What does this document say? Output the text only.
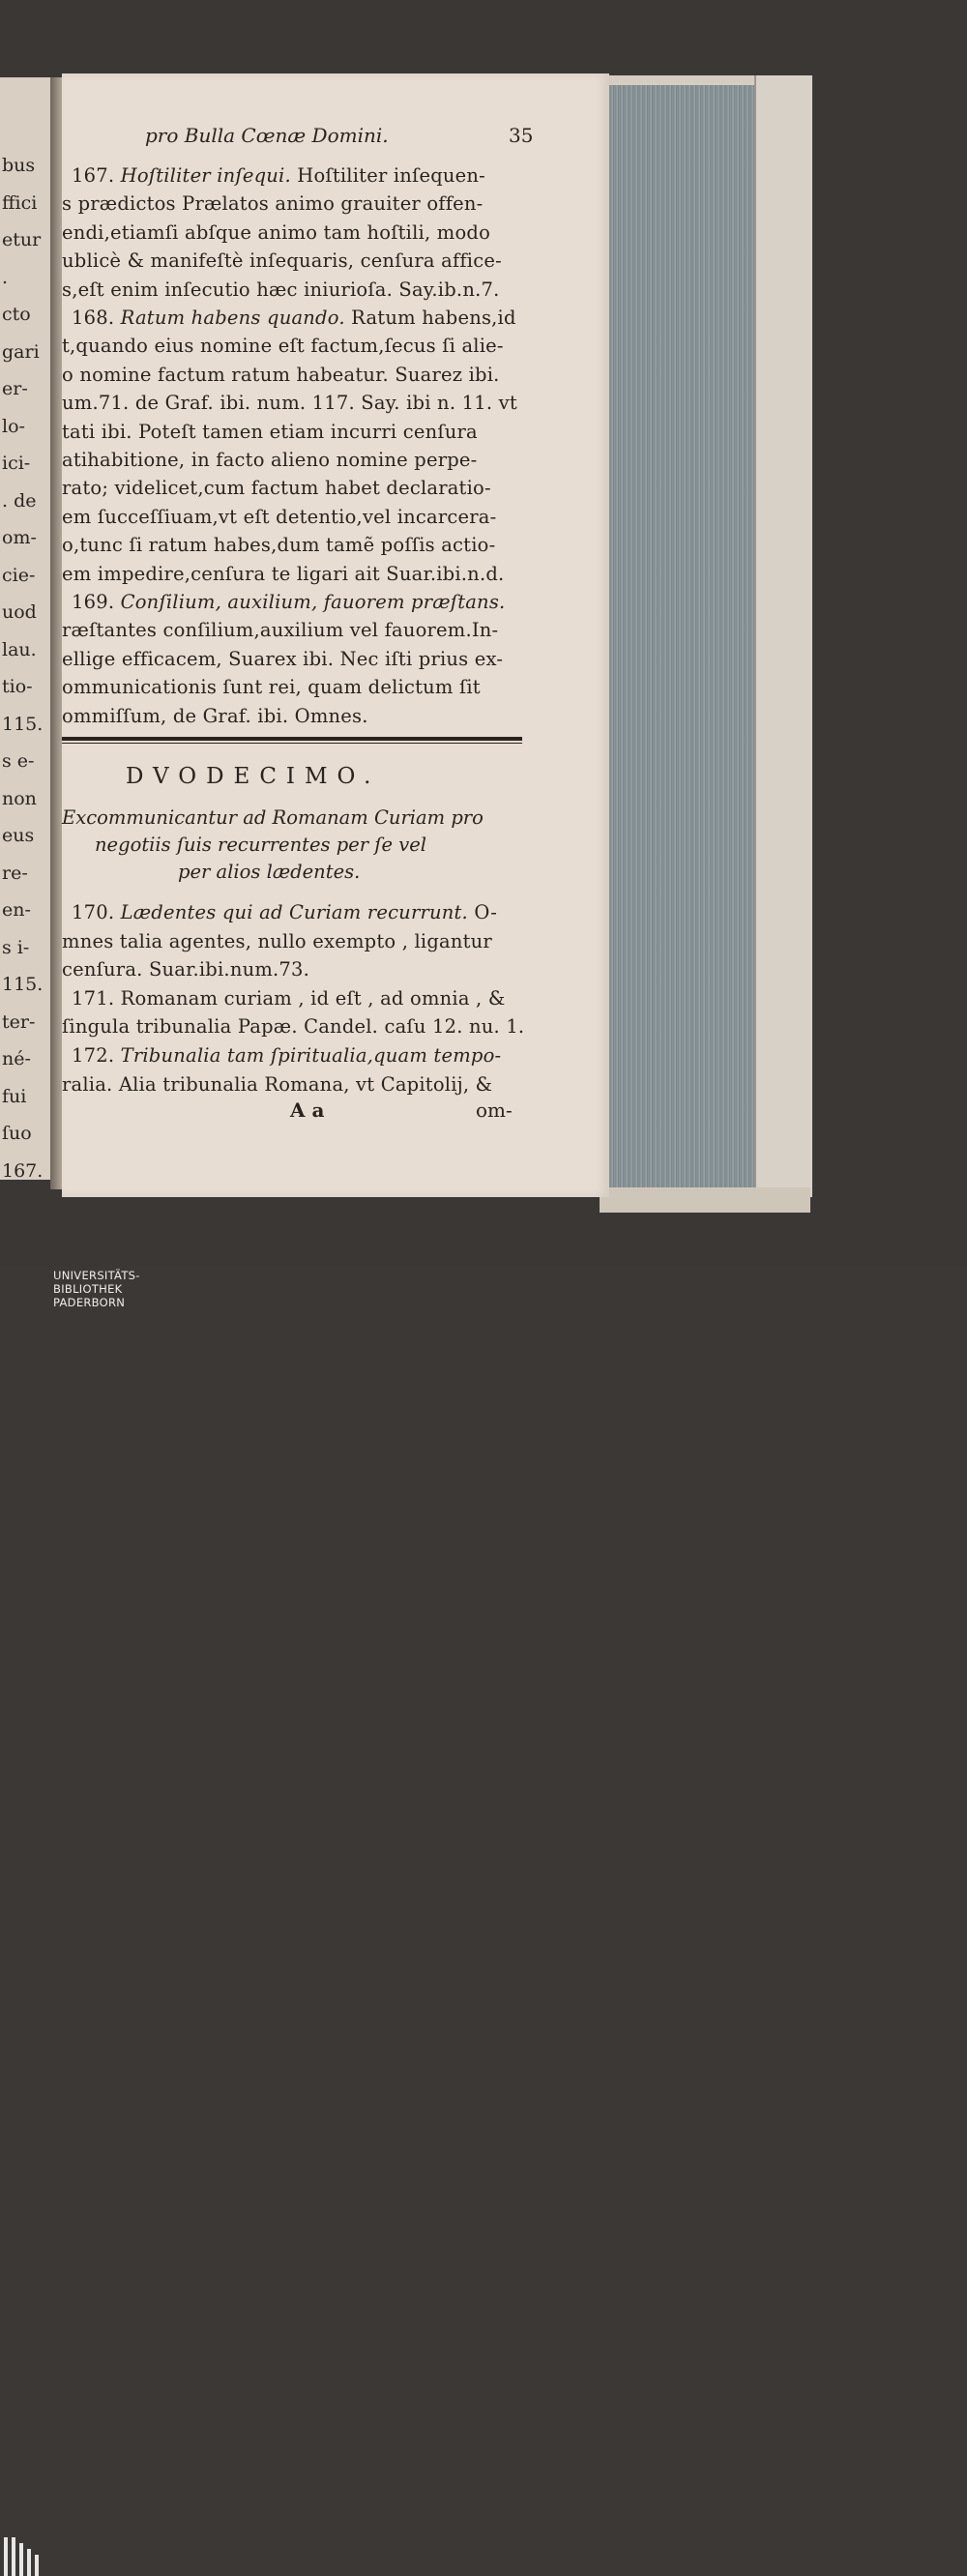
bus
ffici
etur
.
cto
gari
er-
lo-
ici-
. de
om-
cie-
uod
lau.
tio-
115.
s e-
non
eus
re-
en-
s i-
115.
ter-
né-
fui
ſuo
167.
pro Bulla Cœnæ Domini.	35
167. Hoſtiliter inſequi. Hoſtiliter inſequen-
s prædictos Prælatos animo grauiter offen-
endi,etiamſi abſque animo tam hoſtili, modo
ublicè & manifeſtè inſequaris, cenſura affice-
s,eſt enim inſecutio hæc iniurioſa. Say.ib.n.7.
168. Ratum habens quando. Ratum habens,id
t,quando eius nomine eſt factum,ſecus ſi alie-
o nomine factum ratum habeatur. Suarez ibi.
um.71. de Graf. ibi. num. 117. Say. ibi n. 11. vt
tati ibi. Poteſt tamen etiam incurri cenſura
atihabitione, in facto alieno nomine perpe-
rato; videlicet,cum factum habet declaratio-
em ſucceſſiuam,vt eſt detentio,vel incarcera-
o,tunc ſi ratum habes,dum tamẽ poſſis actio-
em impedire,cenſura te ligari ait Suar.ibi.n.d.
169. Conſilium, auxilium, fauorem præſtans.
ræſtantes conſilium,auxilium vel fauorem.In-
ellige efficacem, Suarex ibi. Nec iſti prius ex-
ommunicationis ſunt rei, quam delictum ſit
ommiſſum, de Graf. ibi. Omnes.
DVODECIMO.
Excommunicantur ad Romanam Curiam pro
negotiis ſuis recurrentes per ſe vel
per alios lædentes.
170. Lædentes qui ad Curiam recurrunt. O-
mnes talia agentes, nullo exempto , ligantur
cenſura. Suar.ibi.num.73.
171. Romanam curiam , id eſt , ad omnia , &
ſingula tribunalia Papæ. Candel. caſu 12. nu. 1.
172. Tribunalia tam ſpiritualia,quam tempo-
ralia. Alia tribunalia Romana, vt Capitolij, &
A a	om-
UNIVERSITÄTS-
BIBLIOTHEK
PADERBORN
